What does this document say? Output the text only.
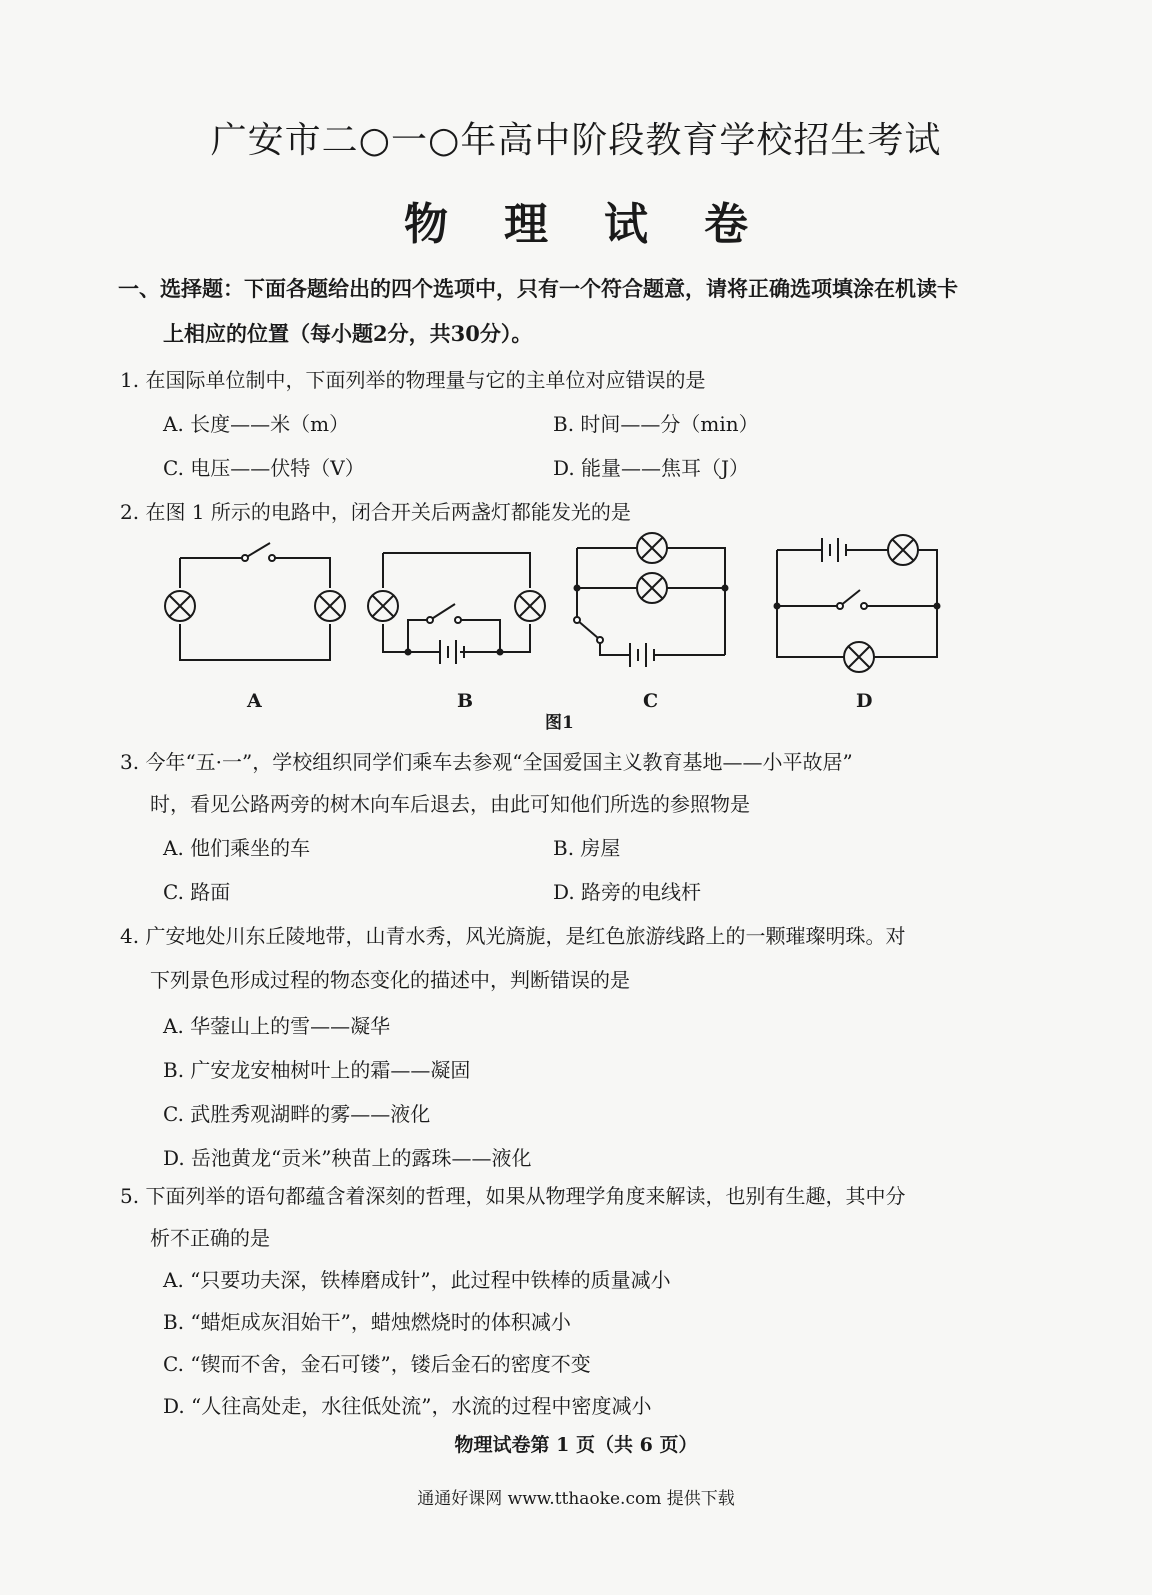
广安市二○一○年高中阶段教育学校招生考试
物 理 试 卷
一、选择题：下面各题给出的四个选项中，只有一个符合题意，请将正确选项填涂在机读卡
上相应的位置（每小题2分，共30分）。
1. 在国际单位制中，下面列举的物理量与它的主单位对应错误的是
A. 长度——米（m）	B. 时间——分（min）
C. 电压——伏特（V）	D. 能量——焦耳（J）
2. 在图 1 所示的电路中，闭合开关后两盏灯都能发光的是
A	B	C	D
图1
3. 今年“五·一”，学校组织同学们乘车去参观“全国爱国主义教育基地——小平故居”
时，看见公路两旁的树木向车后退去，由此可知他们所选的参照物是
A. 他们乘坐的车	B. 房屋
C. 路面	D. 路旁的电线杆
4. 广安地处川东丘陵地带，山青水秀，风光旖旎，是红色旅游线路上的一颗璀璨明珠。对
下列景色形成过程的物态变化的描述中，判断错误的是
A. 华蓥山上的雪——凝华
B. 广安龙安柚树叶上的霜——凝固
C. 武胜秀观湖畔的雾——液化
D. 岳池黄龙“贡米”秧苗上的露珠——液化
5. 下面列举的语句都蕴含着深刻的哲理，如果从物理学角度来解读，也别有生趣，其中分
析不正确的是
A. “只要功夫深，铁棒磨成针”，此过程中铁棒的质量减小
B. “蜡炬成灰泪始干”，蜡烛燃烧时的体积减小
C. “锲而不舍，金石可镂”，镂后金石的密度不变
D. “人往高处走，水往低处流”，水流的过程中密度减小
物理试卷第 1 页（共 6 页）
通通好课网 www.tthaoke.com 提供下载
